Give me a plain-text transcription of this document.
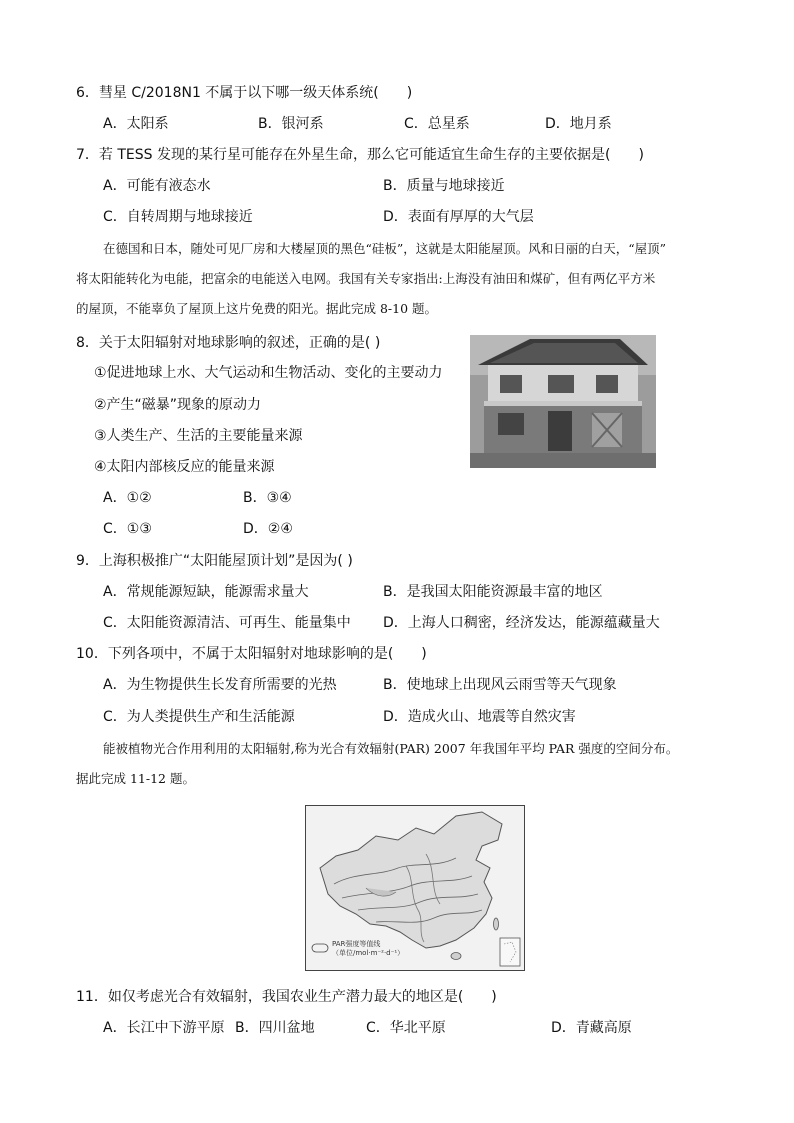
6．彗星 C/2018N1 不属于以下哪一级天体系统(　　)
A．太阳系	B．银河系	C．总星系	D．地月系
7．若 TESS 发现的某行星可能存在外星生命，那么它可能适宜生命生存的主要依据是(　　)
A．可能有液态水	B．质量与地球接近
C．自转周期与地球接近	D．表面有厚厚的大气层
在德国和日本，随处可见厂房和大楼屋顶的黑色“硅板”，这就是太阳能屋顶。风和日丽的白天，“屋顶”
将太阳能转化为电能，把富余的电能送入电网。我国有关专家指出:上海没有油田和煤矿，但有两亿平方米
的屋顶，不能辜负了屋顶上这片免费的阳光。据此完成 8-10 题。
8．关于太阳辐射对地球影响的叙述，正确的是( )
①促进地球上水、大气运动和生物活动、变化的主要动力
②产生“磁暴”现象的原动力
③人类生产、生活的主要能量来源
④太阳内部核反应的能量来源
A．①②	B．③④
C．①③	D．②④
9．上海积极推广“太阳能屋顶计划”是因为( )
A．常规能源短缺，能源需求量大	B．是我国太阳能资源最丰富的地区
C．太阳能资源清洁、可再生、能量集中 D．上海人口稠密，经济发达，能源蕴藏量大
10．下列各项中，不属于太阳辐射对地球影响的是(　　)
A．为生物提供生长发育所需要的光热	B．使地球上出现风云雨雪等天气现象
C．为人类提供生产和生活能源	D．造成火山、地震等自然灾害
能被植物光合作用利用的太阳辐射,称为光合有效辐射(PAR) 2007 年我国年平均 PAR 强度的空间分布。
据此完成 11-12 题。
PAR强度等值线
（单位/mol·m⁻²·d⁻¹）
11．如仅考虑光合有效辐射，我国农业生产潜力最大的地区是(　　)
A．长江中下游平原 B．四川盆地	C．华北平原	D．青藏高原
